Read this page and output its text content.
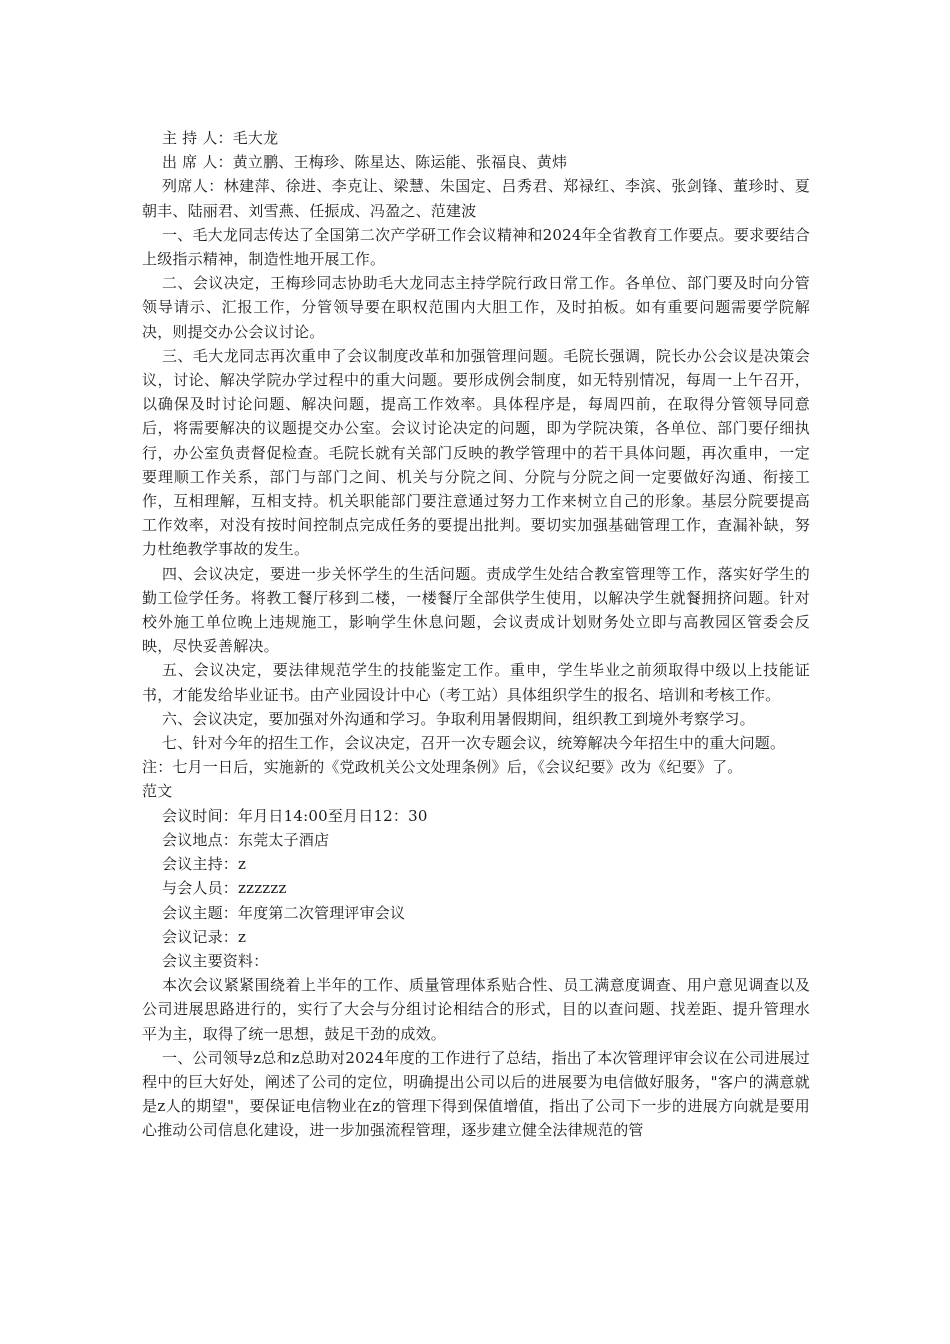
主 持 人：毛大龙
出 席 人：黄立鹏、王梅珍、陈星达、陈运能、张福良、黄炜
列席人：林建萍、徐进、李克让、梁慧、朱国定、吕秀君、郑禄红、李滨、张剑锋、董珍时、夏朝丰、陆丽君、刘雪燕、任振成、冯盈之、范建波
一、毛大龙同志传达了全国第二次产学研工作会议精神和2024年全省教育工作要点。要求要结合上级指示精神，制造性地开展工作。
二、会议决定，王梅珍同志协助毛大龙同志主持学院行政日常工作。各单位、部门要及时向分管领导请示、汇报工作，分管领导要在职权范围内大胆工作，及时拍板。如有重要问题需要学院解决，则提交办公会议讨论。
三、毛大龙同志再次重申了会议制度改革和加强管理问题。毛院长强调，院长办公会议是决策会议，讨论、解决学院办学过程中的重大问题。要形成例会制度，如无特别情况，每周一上午召开，以确保及时讨论问题、解决问题，提高工作效率。具体程序是，每周四前，在取得分管领导同意后，将需要解决的议题提交办公室。会议讨论决定的问题，即为学院决策，各单位、部门要仔细执行，办公室负责督促检查。毛院长就有关部门反映的教学管理中的若干具体问题，再次重申，一定要理顺工作关系，部门与部门之间、机关与分院之间、分院与分院之间一定要做好沟通、衔接工作，互相理解，互相支持。机关职能部门要注意通过努力工作来树立自己的形象。基层分院要提高工作效率，对没有按时间控制点完成任务的要提出批判。要切实加强基础管理工作，查漏补缺，努力杜绝教学事故的发生。
四、会议决定，要进一步关怀学生的生活问题。责成学生处结合教室管理等工作，落实好学生的勤工俭学任务。将教工餐厅移到二楼，一楼餐厅全部供学生使用，以解决学生就餐拥挤问题。针对校外施工单位晚上违规施工，影响学生休息问题，会议责成计划财务处立即与高教园区管委会反映，尽快妥善解决。
五、会议决定，要法律规范学生的技能鉴定工作。重申，学生毕业之前须取得中级以上技能证书，才能发给毕业证书。由产业园设计中心（考工站）具体组织学生的报名、培训和考核工作。
六、会议决定，要加强对外沟通和学习。争取利用暑假期间，组织教工到境外考察学习。
七、针对今年的招生工作，会议决定，召开一次专题会议，统筹解决今年招生中的重大问题。
注：七月一日后，实施新的《党政机关公文处理条例》后，《会议纪要》改为《纪要》了。
范文
会议时间：年月日14:00至月日12：30
会议地点：东莞太子酒店
会议主持：z
与会人员：zzzzzz
会议主题：年度第二次管理评审会议
会议记录：z
会议主要资料：
本次会议紧紧围绕着上半年的工作、质量管理体系贴合性、员工满意度调查、用户意见调查以及公司进展思路进行的，实行了大会与分组讨论相结合的形式，目的以查问题、找差距、提升管理水平为主，取得了统一思想，鼓足干劲的成效。
一、公司领导z总和z总助对2024年度的工作进行了总结，指出了本次管理评审会议在公司进展过程中的巨大好处，阐述了公司的定位，明确提出公司以后的进展要为电信做好服务，"客户的满意就是z人的期望"，要保证电信物业在z的管理下得到保值增值，指出了公司下一步的进展方向就是要用心推动公司信息化建设，进一步加强流程管理，逐步建立健全法律规范的管
